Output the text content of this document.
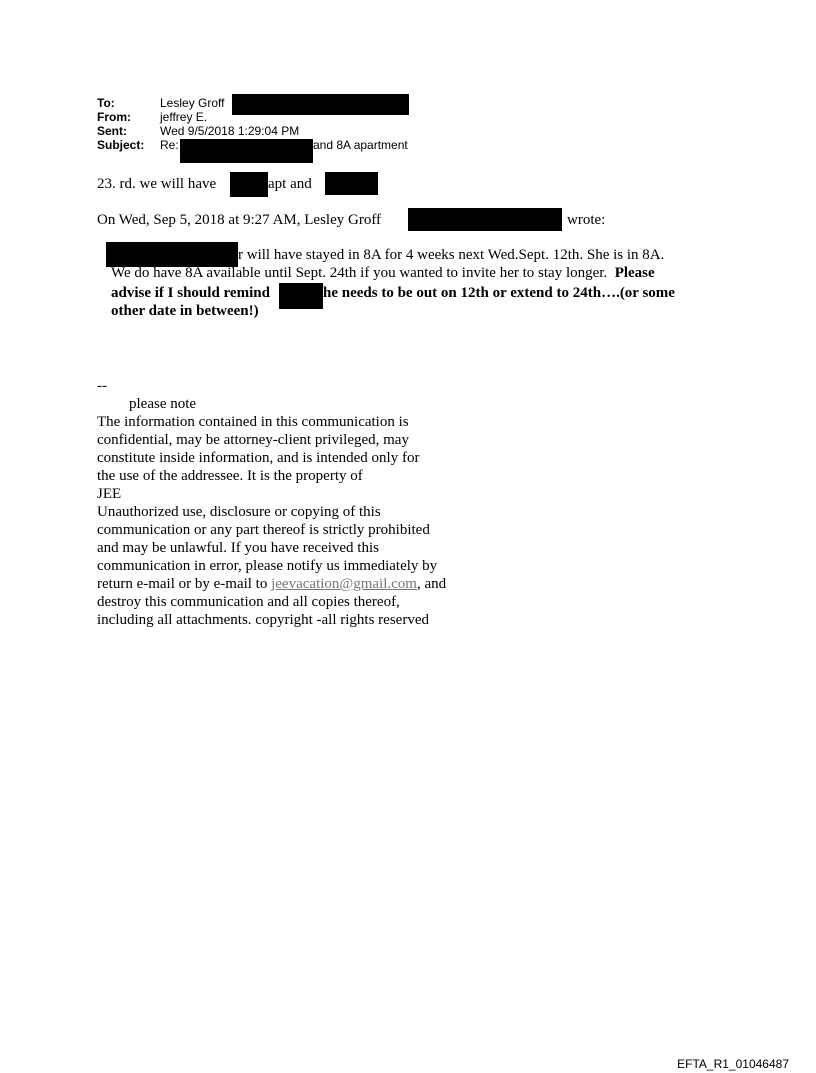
To:	Lesley Groff
From: jeffrey E.
Sent:	Wed 9/5/2018 1:29:04 PM
Subject: Re:	and 8A apartment
23. rd. we will have	apt and
On Wed, Sep 5, 2018 at 9:27 AM, Lesley Groff	wrote:
r will have stayed in 8A for 4 weeks next Wed.Sept. 12th. She is in 8A.
We do have 8A available until Sept. 24th if you wanted to invite her to stay longer. Please
advise if I should remind	he needs to be out on 12th or extend to 24th….(or some
other date in between!)
--
please note
The information contained in this communication is
confidential, may be attorney-client privileged, may
constitute inside information, and is intended only for
the use of the addressee. It is the property of
JEE
Unauthorized use, disclosure or copying of this
communication or any part thereof is strictly prohibited
and may be unlawful. If you have received this
communication in error, please notify us immediately by
return e-mail or by e-mail to jeevacation@gmail.com, and
destroy this communication and all copies thereof,
including all attachments. copyright -all rights reserved
EFTA_R1_01046487
